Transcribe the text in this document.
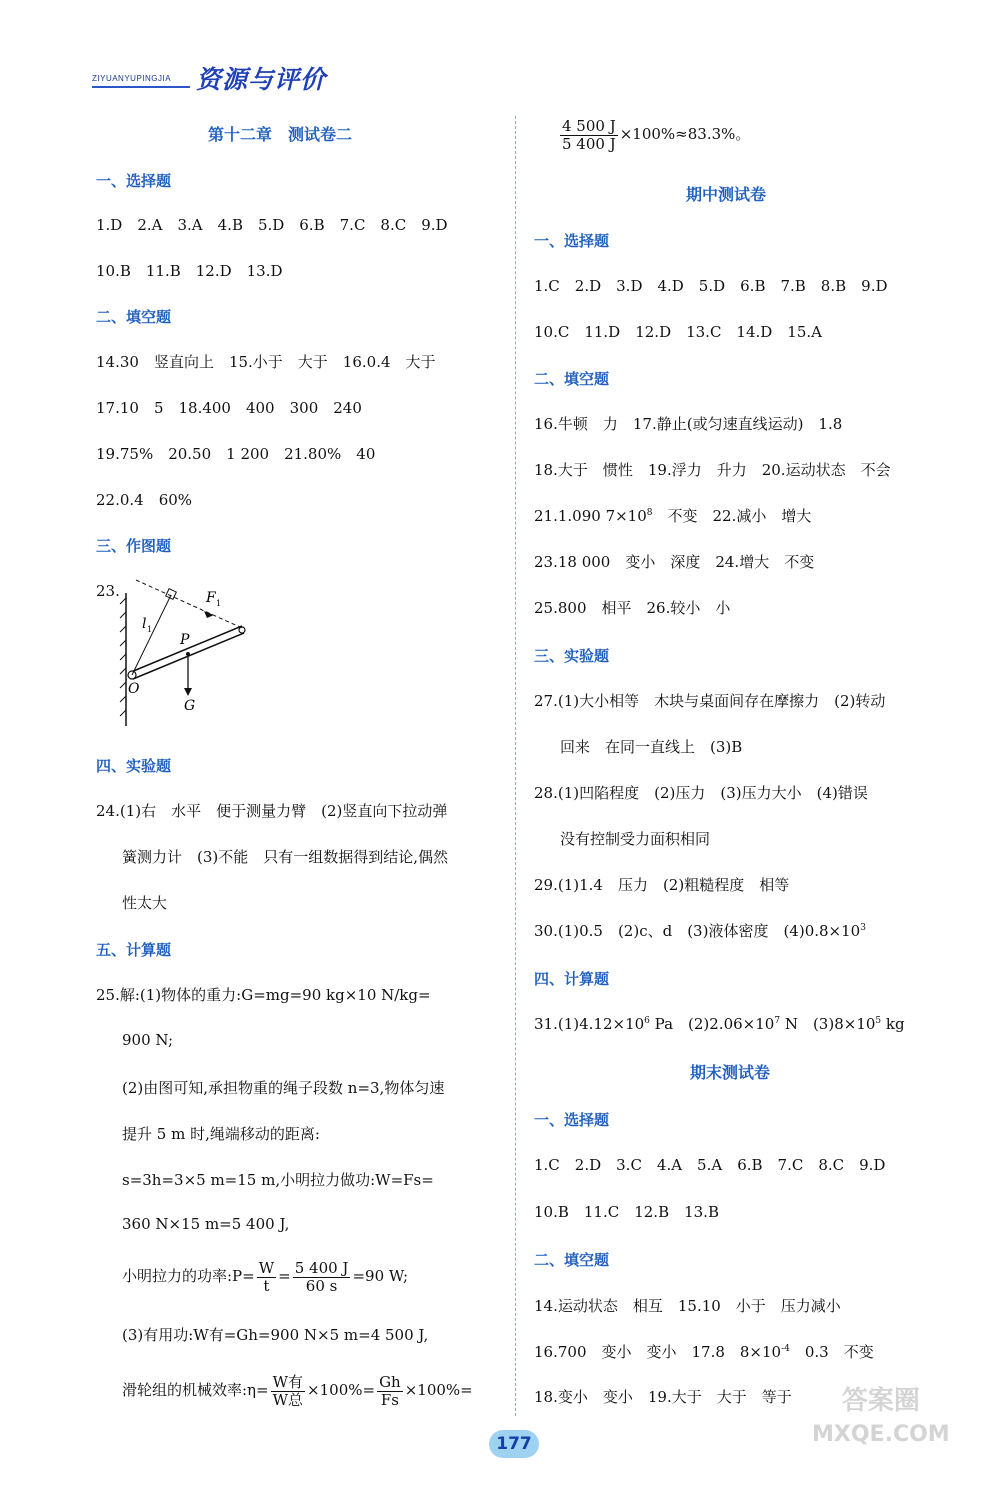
ZIYUANYUPINGJIA 资源与评价
第十二章　测试卷二
一、选择题
1.D　2.A　3.A　4.B　5.D　6.B　7.C　8.C　9.D
10.B　11.B　12.D　13.D
二、填空题
14.30　竖直向上　15.小于　大于　16.0.4　大于
17.10　5　18.400　400　300　240
19.75%　20.50　1 200　21.80%　40
22.0.4　60%
三、作图题
23.
四、实验题
24.(1)右　水平　便于测量力臂　(2)竖直向下拉动弹
簧测力计　(3)不能　只有一组数据得到结论,偶然
性太大
五、计算题
25.解:(1)物体的重力:G=mg=90 kg×10 N/kg=
900 N;
(2)由图可知,承担物重的绳子段数 n=3,物体匀速
提升 5 m 时,绳端移动的距离:
s=3h=3×5 m=15 m,小明拉力做功:W=Fs=
360 N×15 m=5 400 J,
小明拉力的功率:P= $\frac{W}{t} = \frac{5 400 J}{60 s} =90$ W;
(3)有用功:W有=Gh=900 N×5 m=4 500 J,
滑轮组的机械效率:η= $\frac{\text{W有}}{\text{W总}} \times 100\%= \frac{Gh}{Fs} \times 100\%=$
F 1
l 1
P
O
G
$\frac{4 500 J}{5 400 J} \times 100\%\approx 83.3\%$。
期中测试卷
一、选择题
1.C　2.D　3.D　4.D　5.D　6.B　7.B　8.B　9.D
10.C　11.D　12.D　13.C　14.D　15.A
二、填空题
16.牛顿　力　17.静止(或匀速直线运动)　1.8
18.大于　惯性　19.浮力　升力　20.运动状态　不会
21.1.090 $7\times 10^8$　不变　22.减小　增大
23.18 000　变小　深度　24.增大　不变
25.800　相平　26.较小　小
三、实验题
27.(1)大小相等　木块与桌面间存在摩擦力　(2)转动
回来　在同一直线上　(3)B
28.(1)凹陷程度　(2)压力　(3)压力大小　(4)错误
没有控制受力面积相同
29.(1)1.4　压力　(2)粗糙程度　相等
30.(1)0.5　(2)c、d　(3)液体密度　$(4)0.8\times 10^3$
四、计算题
$31.(1)4.12\times 10^6$ Pa　$(2)2.06\times 10^7$ N　$(3)8\times 10^5$ kg
期末测试卷
一、选择题
1.C　2.D　3.C　4.A　5.A　6.B　7.C　8.C　9.D
10.B　11.C　12.B　13.B
二、填空题
14.运动状态　相互　15.10　小于　压力减小
16.700　变小　变小　17.8　$8\times 10^{-4}$　0.3　不变
18.变小　变小　19.大于　大于　等于
177
答案圈
MXQE.COM
